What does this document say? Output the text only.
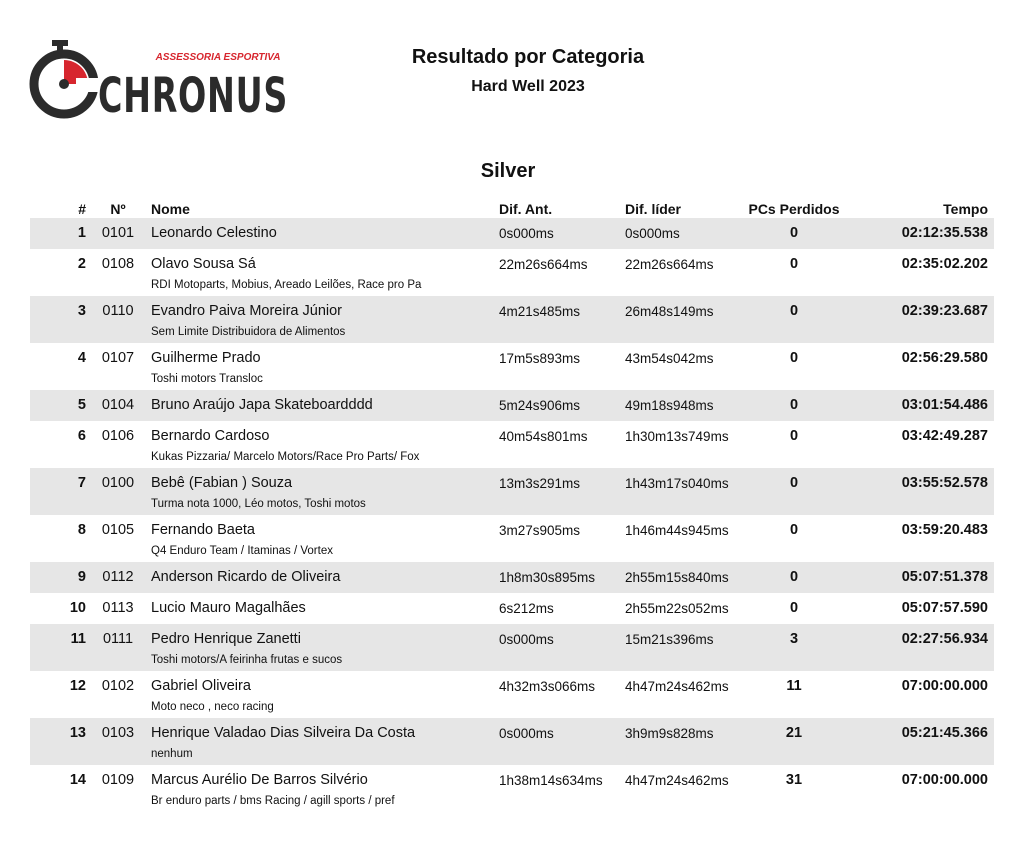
ASSESSORIA ESPORTIVA
CHRONUS
Resultado por Categoria
Hard Well 2023
Silver
#	Nº	Nome	Dif. Ant.	Dif. líder	PCs Perdidos	Tempo
1	0101	Leonardo Celestino	0s000ms	0s000ms	0	02:12:35.538
2	0108	Olavo Sousa Sá	22m26s664ms	22m26s664ms	0	02:35:02.202
RDI Motoparts, Mobius, Areado Leilões, Race pro Pa
3	0110	Evandro Paiva Moreira Júnior	4m21s485ms	26m48s149ms	0	02:39:23.687
Sem Limite Distribuidora de Alimentos
4	0107	Guilherme Prado	17m5s893ms	43m54s042ms	0	02:56:29.580
Toshi motors Transloc
5	0104	Bruno Araújo Japa Skateboardddd	5m24s906ms	49m18s948ms	0	03:01:54.486
6	0106	Bernardo Cardoso	40m54s801ms	1h30m13s749ms	0	03:42:49.287
Kukas Pizzaria/ Marcelo Motors/Race Pro Parts/ Fox
7	0100	Bebê (Fabian ) Souza	13m3s291ms	1h43m17s040ms	0	03:55:52.578
Turma nota 1000, Léo motos, Toshi motos
8	0105	Fernando Baeta	3m27s905ms	1h46m44s945ms	0	03:59:20.483
Q4 Enduro Team / Itaminas / Vortex
9	0112	Anderson Ricardo de Oliveira	1h8m30s895ms 2h55m15s840ms	0	05:07:51.378
10	0113	Lucio Mauro Magalhães	6s212ms	2h55m22s052ms	0	05:07:57.590
11	0111	Pedro Henrique Zanetti	0s000ms	15m21s396ms	3	02:27:56.934
Toshi motors/A feirinha frutas e sucos
12	0102	Gabriel Oliveira	4h32m3s066ms 4h47m24s462ms	11	07:00:00.000
Moto neco , neco racing
13	0103	Henrique Valadao Dias Silveira Da Costa	0s000ms	3h9m9s828ms	21	05:21:45.366
nenhum
14	0109	Marcus Aurélio De Barros Silvério	1h38m14s634ms 4h47m24s462ms	31	07:00:00.000
Br enduro parts / bms Racing / agill sports / pref
